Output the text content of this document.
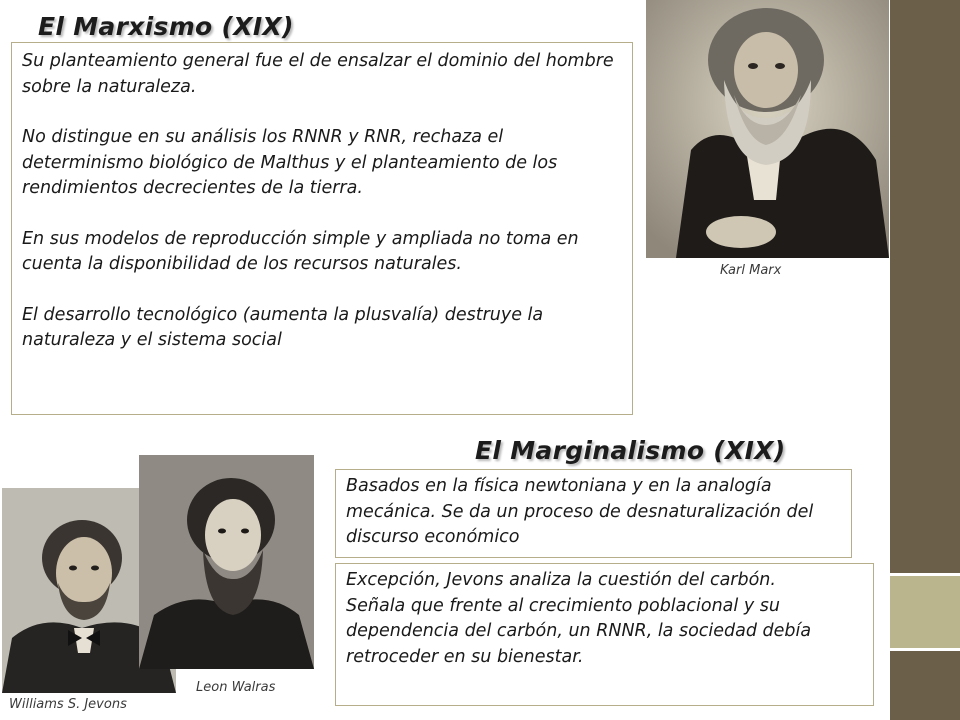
El Marxismo (XIX)

Su planteamiento general fue el de ensalzar el dominio del hombre sobre la naturaleza.

No distingue en su análisis los RNNR y RNR, rechaza el determinismo biológico de Malthus y el planteamiento de los rendimientos decrecientes de la tierra.

En sus modelos de reproducción simple y ampliada no toma en cuenta la disponibilidad de los recursos naturales.

El desarrollo tecnológico (aumenta la plusvalía) destruye la naturaleza y el sistema social

Karl Marx
El Marginalismo (XIX)

Basados en la física newtoniana y en la analogía mecánica. Se da un proceso de desnaturalización del discurso económico

Excepción, Jevons analiza la cuestión del carbón.

Señala que frente al crecimiento poblacional y su dependencia del carbón, un RNNR, la sociedad debía retroceder en su bienestar.

Leon Walras
Williams S. Jevons
